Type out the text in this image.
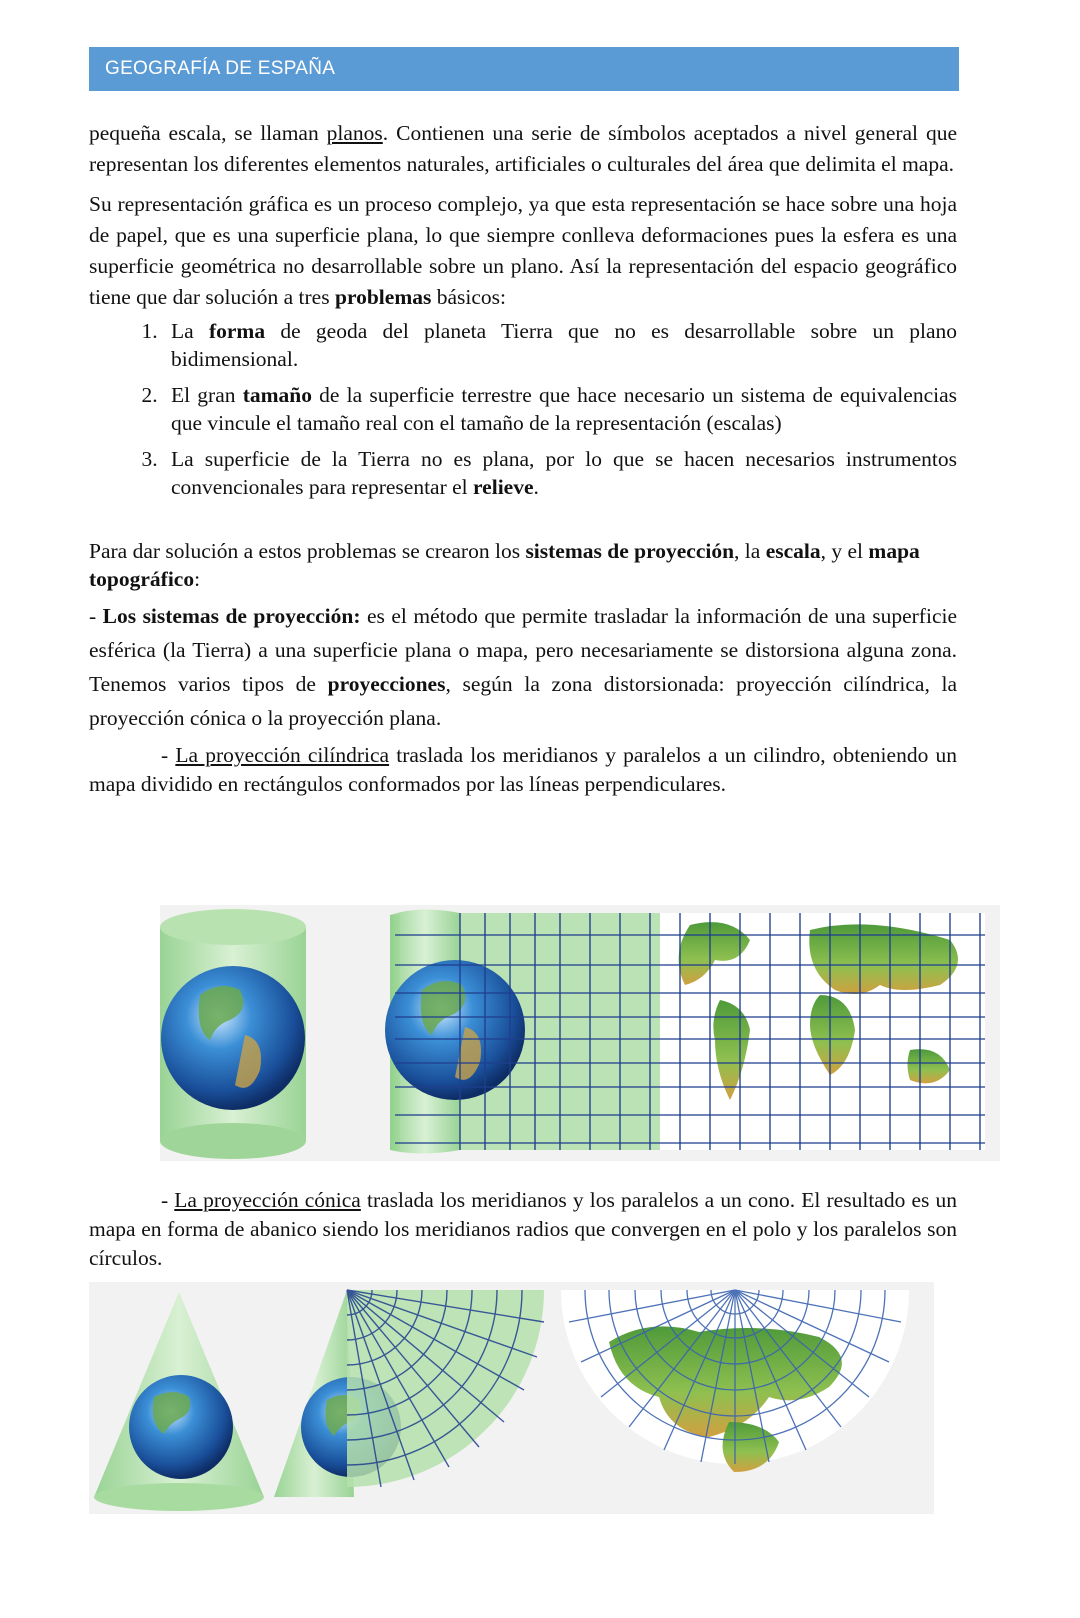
GEOGRAFÍA DE ESPAÑA

pequeña escala, se llaman planos. Contienen una serie de símbolos aceptados a nivel general que representan los diferentes elementos naturales, artificiales o culturales del área que delimita el mapa.

Su representación gráfica es un proceso complejo, ya que esta representación se hace sobre una hoja de papel, que es una superficie plana, lo que siempre conlleva deformaciones pues la esfera es una superficie geométrica no desarrollable sobre un plano. Así la representación del espacio geográfico tiene que dar solución a tres problemas básicos:

1. La forma de geoda del planeta Tierra que no es desarrollable sobre un plano bidimensional.
2. El gran tamaño de la superficie terrestre que hace necesario un sistema de equivalencias que vincule el tamaño real con el tamaño de la representación (escalas)
3. La superficie de la Tierra no es plana, por lo que se hacen necesarios instrumentos convencionales para representar el relieve.

Para dar solución a estos problemas se crearon los sistemas de proyección, la escala, y el mapa topográfico:

- Los sistemas de proyección: es el método que permite trasladar la información de una superficie esférica (la Tierra) a una superficie plana o mapa, pero necesariamente se distorsiona alguna zona. Tenemos varios tipos de proyecciones, según la zona distorsionada: proyección cilíndrica, la proyección cónica o la proyección plana.

- La proyección cilíndrica traslada los meridianos y paralelos a un cilindro, obteniendo un mapa dividido en rectángulos conformados por las líneas perpendiculares.

- La proyección cónica traslada los meridianos y los paralelos a un cono. El resultado es un mapa en forma de abanico siendo los meridianos radios que convergen en el polo y los paralelos son círculos.
